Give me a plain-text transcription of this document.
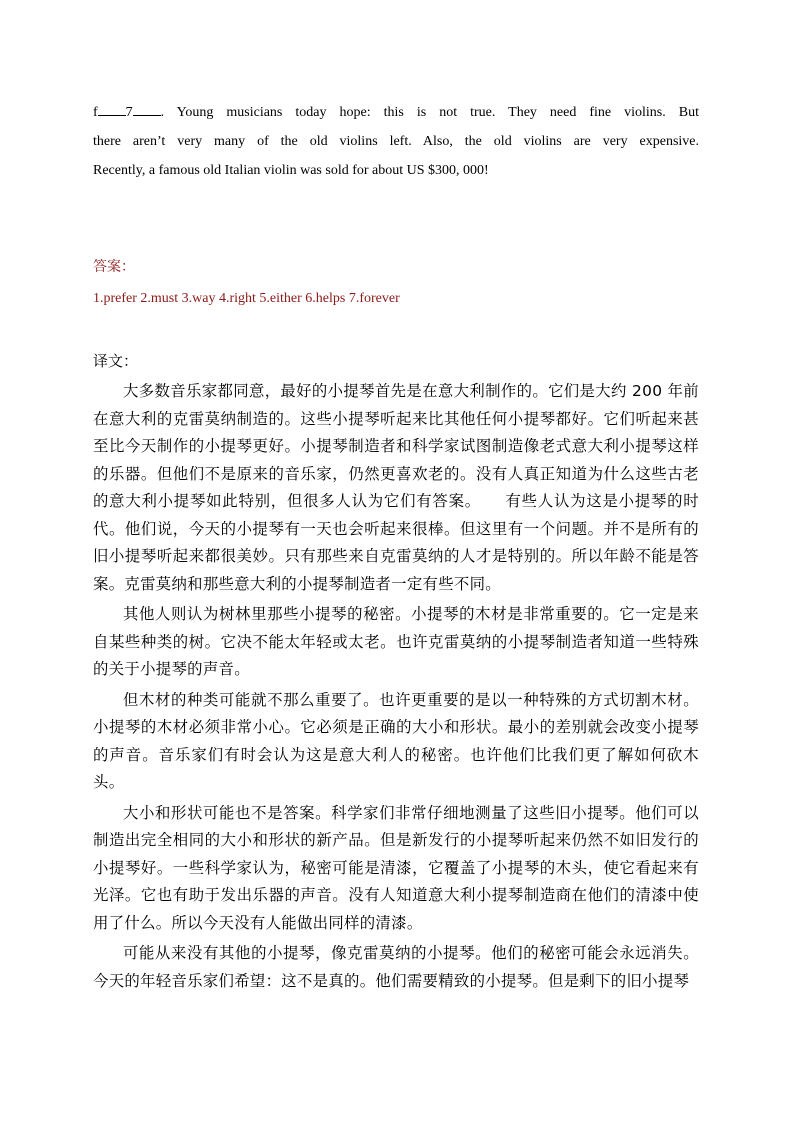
f 7 . Young musicians today hope: this is not true. They need fine violins. But
there aren’t very many of the old violins left. Also, the old violins are very expensive.
Recently, a famous old Italian violin was sold for about US $300, 000!
答案：
1.prefer 2.must 3.way 4.right 5.either 6.helps 7.forever
译文：

大多数音乐家都同意，最好的小提琴首先是在意大利制作的。它们是大约 200 年前在意大利的克雷莫纳制造的。这些小提琴听起来比其他任何小提琴都好。它们听起来甚至比今天制作的小提琴更好。小提琴制造者和科学家试图制造像老式意大利小提琴这样的乐器。但他们不是原来的音乐家，仍然更喜欢老的。没有人真正知道为什么这些古老的意大利小提琴如此特别，但很多人认为它们有答案。　　有些人认为这是小提琴的时代。他们说，今天的小提琴有一天也会听起来很棒。但这里有一个问题。并不是所有的旧小提琴听起来都很美妙。只有那些来自克雷莫纳的人才是特别的。所以年龄不能是答案。克雷莫纳和那些意大利的小提琴制造者一定有些不同。

其他人则认为树林里那些小提琴的秘密。小提琴的木材是非常重要的。它一定是来自某些种类的树。它决不能太年轻或太老。也许克雷莫纳的小提琴制造者知道一些特殊的关于小提琴的声音。

但木材的种类可能就不那么重要了。也许更重要的是以一种特殊的方式切割木材。小提琴的木材必须非常小心。它必须是正确的大小和形状。最小的差别就会改变小提琴的声音。音乐家们有时会认为这是意大利人的秘密。也许他们比我们更了解如何砍木头。

大小和形状可能也不是答案。科学家们非常仔细地测量了这些旧小提琴。他们可以制造出完全相同的大小和形状的新产品。但是新发行的小提琴听起来仍然不如旧发行的小提琴好。一些科学家认为，秘密可能是清漆，它覆盖了小提琴的木头，使它看起来有光泽。它也有助于发出乐器的声音。没有人知道意大利小提琴制造商在他们的清漆中使用了什么。所以今天没有人能做出同样的清漆。

可能从来没有其他的小提琴，像克雷莫纳的小提琴。他们的秘密可能会永远消失。今天的年轻音乐家们希望：这不是真的。他们需要精致的小提琴。但是剩下的旧小提琴
